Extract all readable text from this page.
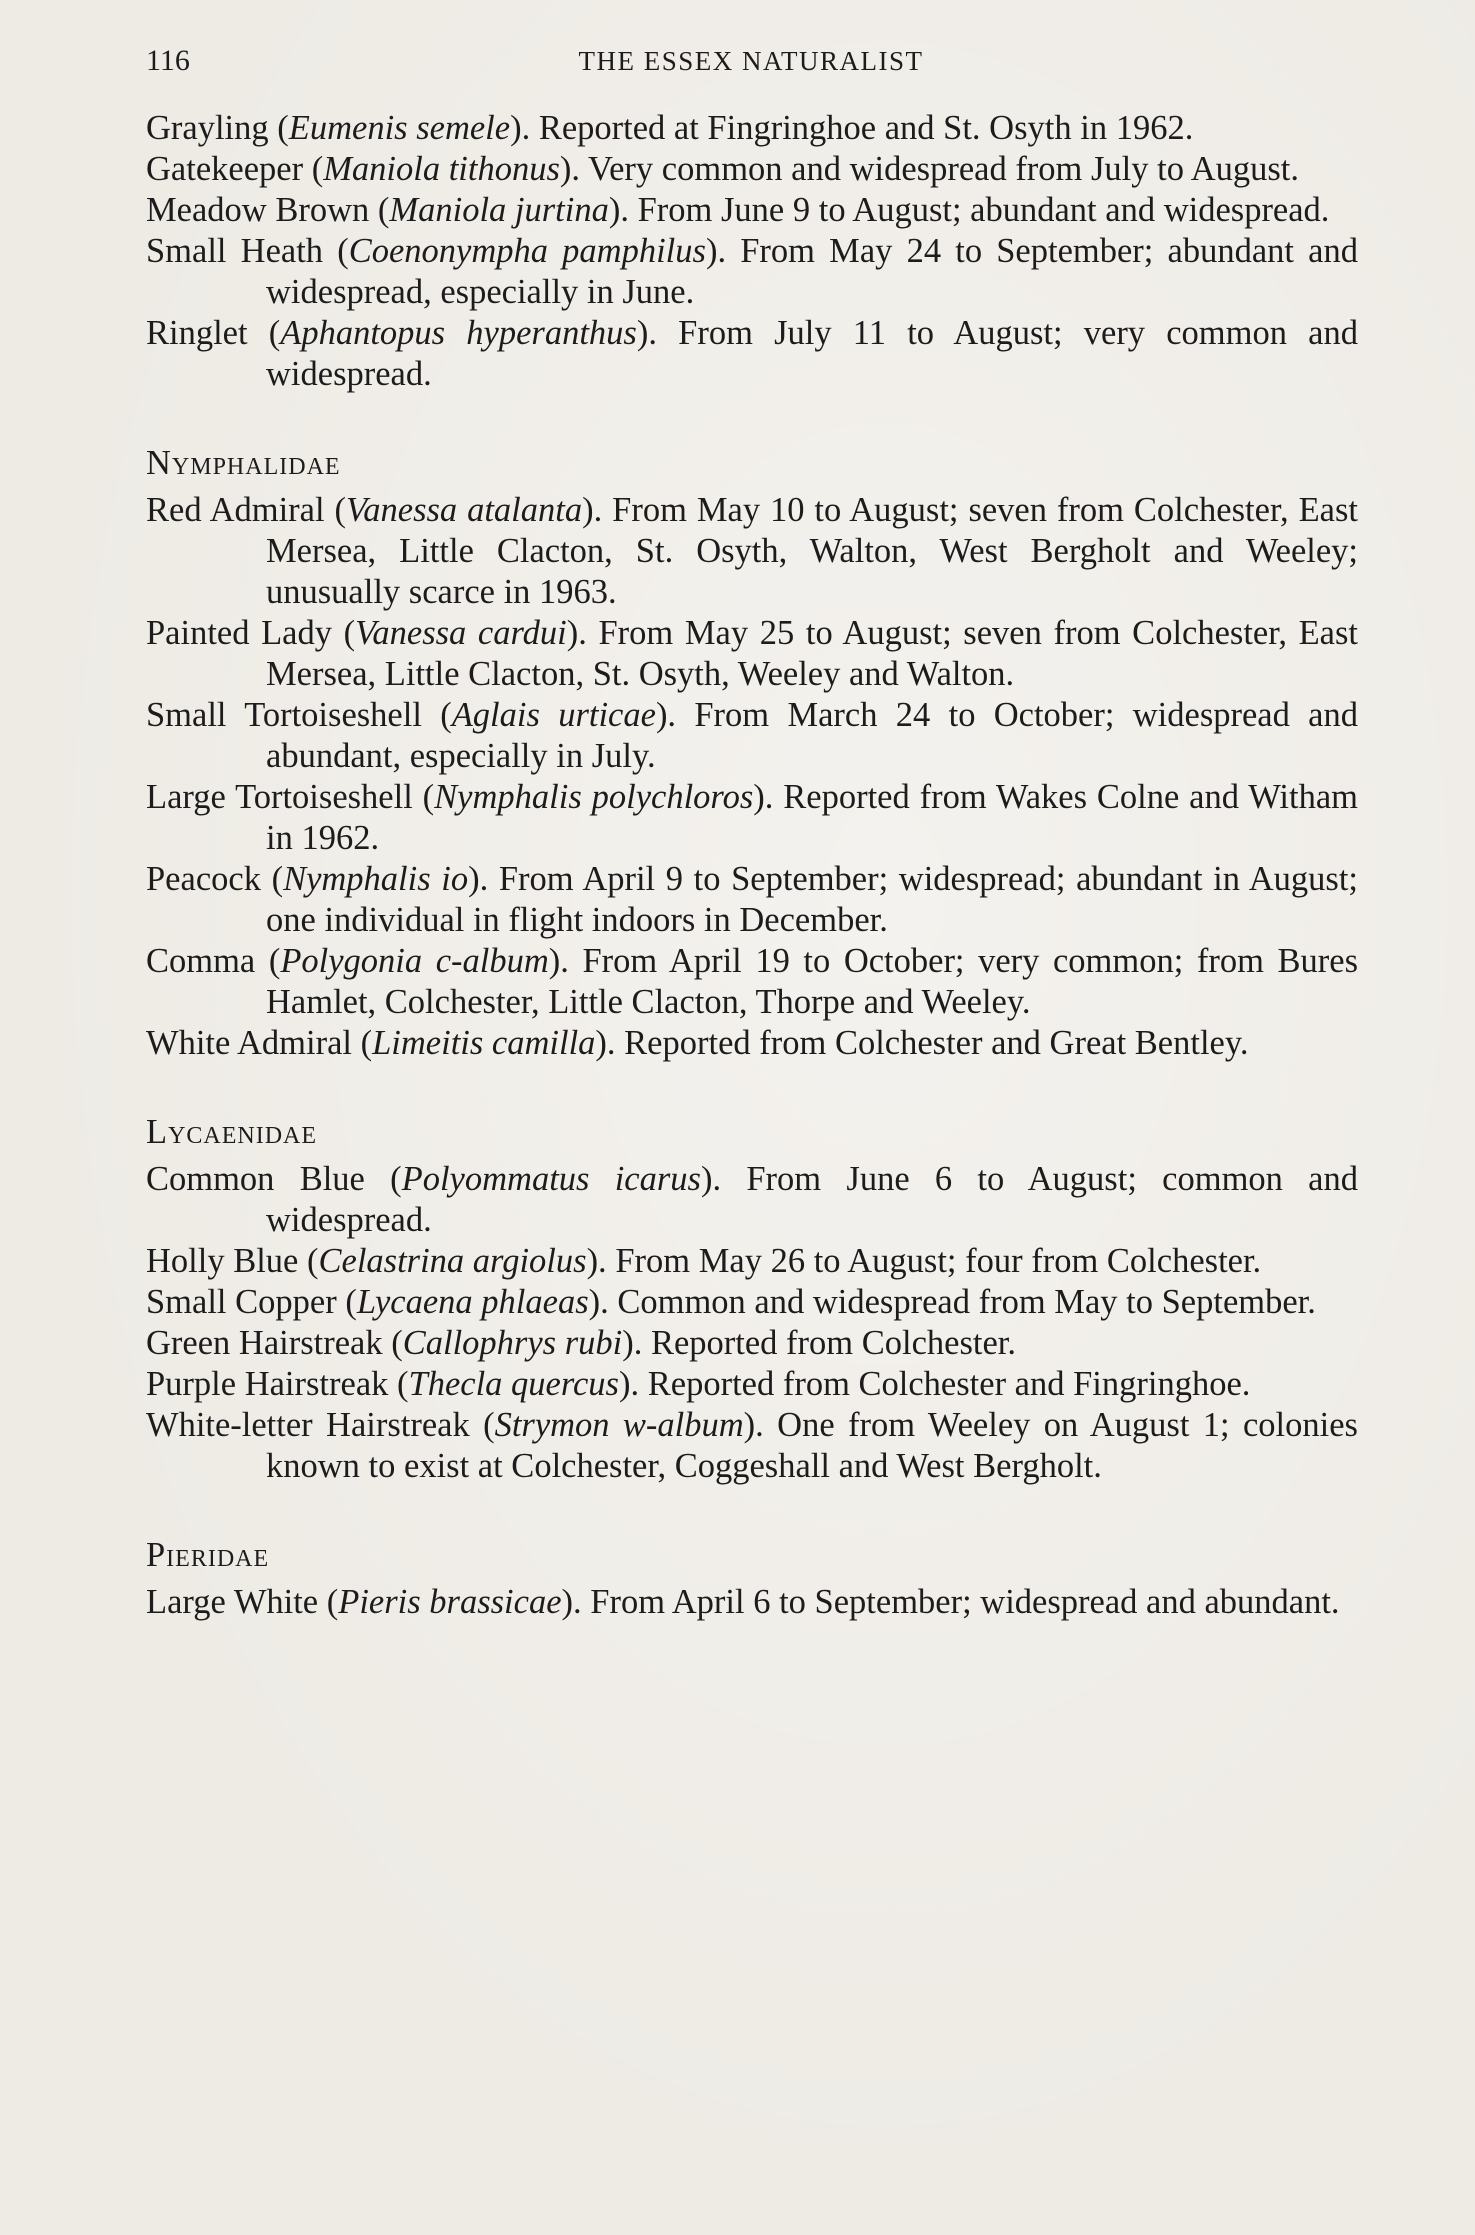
116	THE ESSEX NATURALIST

Grayling (Eumenis semele). Reported at Fingringhoe and St. Osyth in 1962.

Gatekeeper (Maniola tithonus). Very common and widespread from July to August.

Meadow Brown (Maniola jurtina). From June 9 to August; abundant and widespread.

Small Heath (Coenonympha pamphilus). From May 24 to September; abundant and widespread, especially in June.

Ringlet (Aphantopus hyperanthus). From July 11 to August; very common and widespread.

Nymphalidae

Red Admiral (Vanessa atalanta). From May 10 to August; seven from Colchester, East Mersea, Little Clacton, St. Osyth, Walton, West Bergholt and Weeley; unusually scarce in 1963.

Painted Lady (Vanessa cardui). From May 25 to August; seven from Colchester, East Mersea, Little Clacton, St. Osyth, Weeley and Walton.

Small Tortoiseshell (Aglais urticae). From March 24 to October; widespread and abundant, especially in July.

Large Tortoiseshell (Nymphalis polychloros). Reported from Wakes Colne and Witham in 1962.

Peacock (Nymphalis io). From April 9 to September; widespread; abundant in August; one individual in flight indoors in December.

Comma (Polygonia c-album). From April 19 to October; very common; from Bures Hamlet, Colchester, Little Clacton, Thorpe and Weeley.

White Admiral (Limeitis camilla). Reported from Colchester and Great Bentley.

Lycaenidae

Common Blue (Polyommatus icarus). From June 6 to August; common and widespread.

Holly Blue (Celastrina argiolus). From May 26 to August; four from Colchester.

Small Copper (Lycaena phlaeas). Common and widespread from May to September.

Green Hairstreak (Callophrys rubi). Reported from Colchester.

Purple Hairstreak (Thecla quercus). Reported from Colchester and Fingringhoe.

White-letter Hairstreak (Strymon w-album). One from Weeley on August 1; colonies known to exist at Colchester, Coggeshall and West Bergholt.

Pieridae

Large White (Pieris brassicae). From April 6 to September; widespread and abundant.
